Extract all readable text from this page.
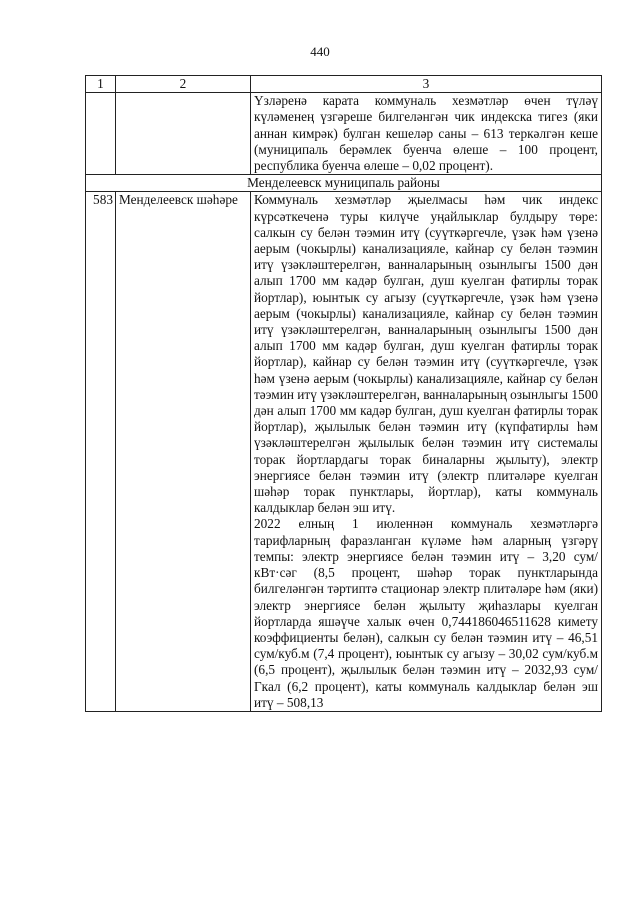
440
1	2	3
		Үзләренә карата коммуналь хезмәтләр өчен түләү күләменең үзгәреше билгеләнгән чик индекска тигез (яки аннан кимрәк) булган кешеләр саны – 613 теркәлгән кеше (муниципаль берәмлек буенча өлеше – 100 процент, республика буенча өлеше – 0,02 процент).
Менделеевск муниципаль районы		
583	Менделеевск шәһәре	Коммуналь хезмәтләр җыелмасы һәм чик индекс күрсәткеченә туры килүче уңайлыклар булдыру төре: салкын су белән тәэмин итү (суүткәргечле, үзәк һәм үзенә аерым (чокырлы) канализацияле, кайнар су белән тәэмин итү үзәкләштерелгән, ванналарының озынлыгы 1500 дән алып 1700 мм кадәр булган, душ куелган фатирлы торак йортлар), юынтык су агызу (суүткәргечле, үзәк һәм үзенә аерым (чокырлы) канализацияле, кайнар су белән тәэмин итү үзәкләштерелгән, ванналарының озынлыгы 1500 дән алып 1700 мм кадәр булган, душ куелган фатирлы торак йортлар), кайнар су белән тәэмин итү (суүткәргечле, үзәк һәм үзенә аерым (чокырлы) канализацияле, кайнар су белән тәэмин итү үзәкләштерелгән, ванналарының озынлыгы 1500 дән алып 1700 мм кадәр булган, душ куелган фатирлы торак йортлар), җылылык белән тәэмин итү (күпфатирлы һәм үзәкләштерелгән җылылык белән тәэмин итү системалы торак йортлардагы торак биналарны җылыту), электр энергиясе белән тәэмин итү (электр плитәләре куелган шәһәр торак пунктлары, йортлар), каты коммуналь калдыклар белән эш итү.

2022 елның 1 июленнән коммуналь хезмәтләргә тарифларның фаразланган күләме һәм аларның үзгәрү темпы: электр энергиясе белән тәэмин итү – 3,20 сум/кВт·сәг (8,5 процент, шәһәр торак пунктларында билгеләнгән тәртиптә стационар электр плитәләре һәм (яки) электр энергиясе белән җылыту җиһазлары куелган йортларда яшәүче халык өчен 0,744186046511628 кимету коэффициенты белән), салкын су белән тәэмин итү – 46,51 сум/куб.м (7,4 процент), юынтык су агызу – 30,02 сум/куб.м (6,5 процент), җылылык белән тәэмин итү – 2032,93 сум/Гкал (6,2 процент), каты коммуналь калдыклар белән эш итү – 508,13
